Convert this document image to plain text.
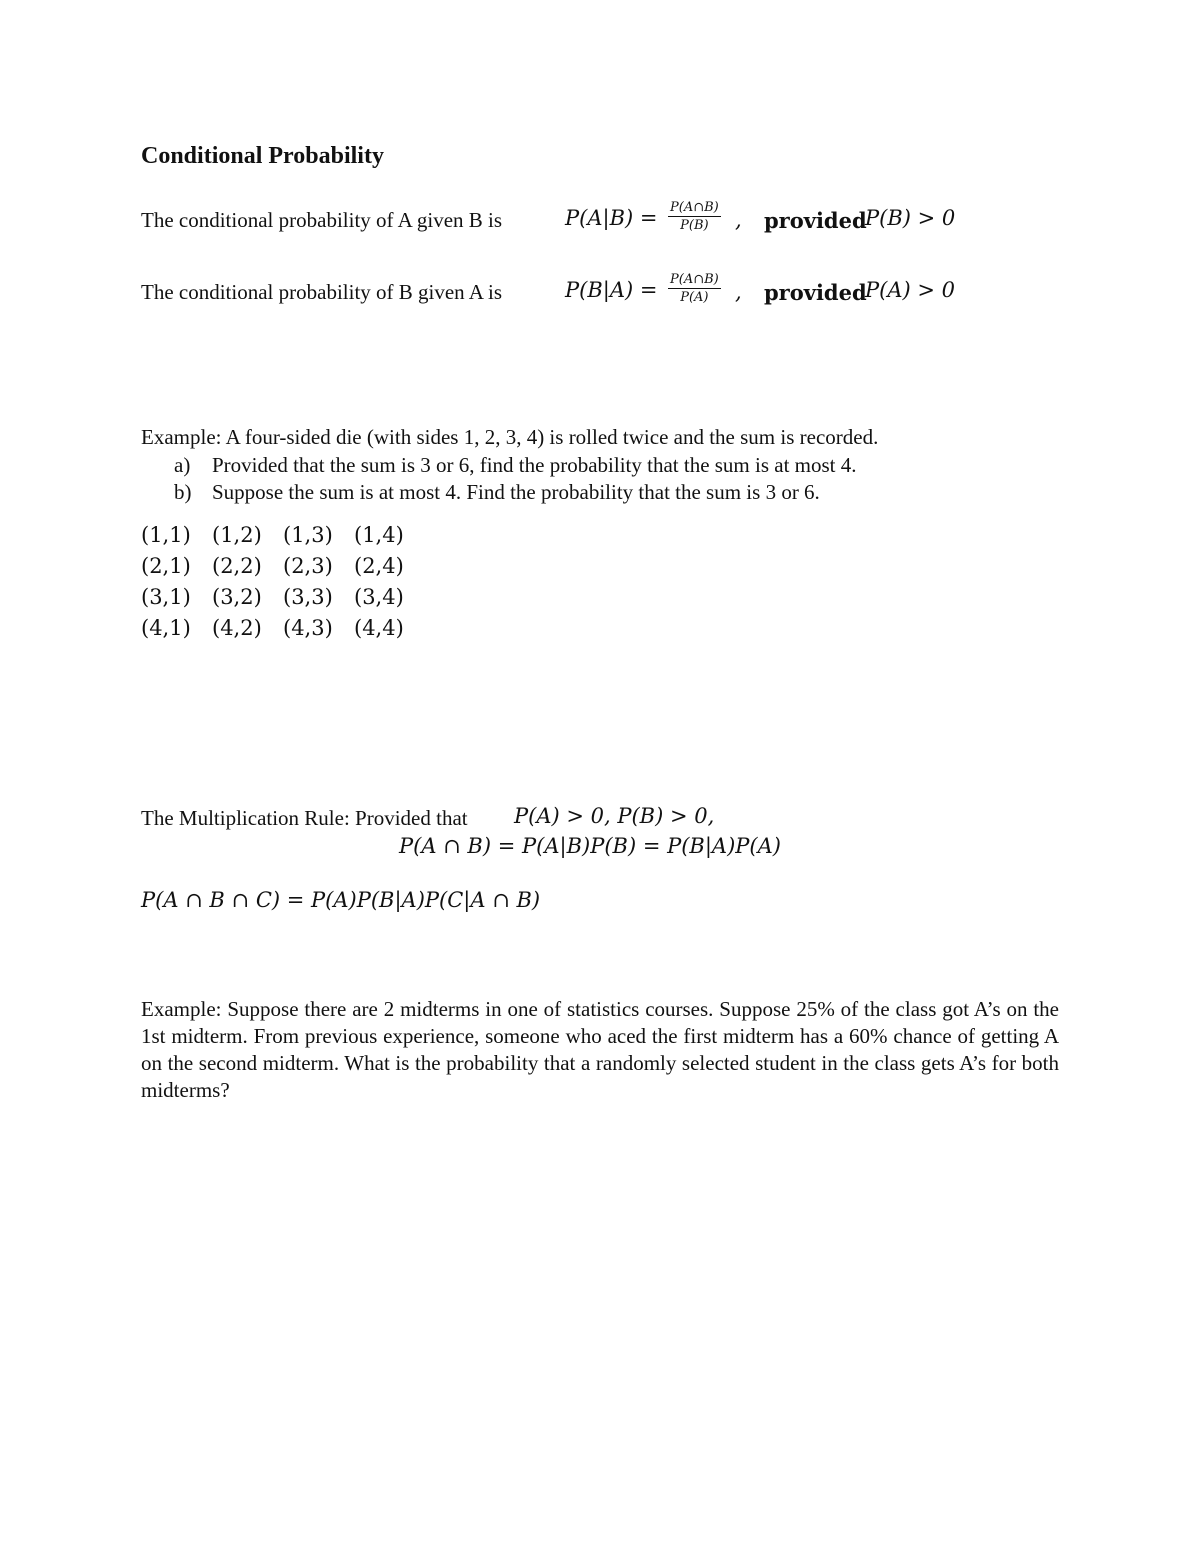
Conditional Probability
The conditional probability of A given B is	$P(A|B) = \frac{P(A\cap B)}{P(B)}$ , provided
P(B) > 0
The conditional probability of B given A is	$P(B|A) = \frac{P(A\cap B)}{P(A)}$ , provided
P(A) > 0
Example: A four-sided die (with sides 1, 2, 3, 4) is rolled twice and the sum is recorded.
a) Provided that the sum is 3 or 6, find the probability that the sum is at most 4.
b) Suppose the sum is at most 4. Find the probability that the sum is 3 or 6.
(1,1) (1,2) (1,3) (1,4)
(2,1) (2,2) (2,3) (2,4)
(3,1) (3,2) (3,3) (3,4)
(4,1) (4,2) (4,3) (4,4)
The Multiplication Rule: Provided that P(A) > 0, P(B) > 0,
P(A ∩ B) = P(A|B)P(B) = P(B|A)P(A)
P(A ∩ B ∩ C) = P(A)P(B|A)P(C|A ∩ B)
Example: Suppose there are 2 midterms in one of statistics courses. Suppose 25% of the class got A’s on the 1st midterm. From previous experience, someone who aced the first midterm has a 60% chance of getting A on the second midterm. What is the probability that a randomly selected student in the class gets A’s for both midterms?
